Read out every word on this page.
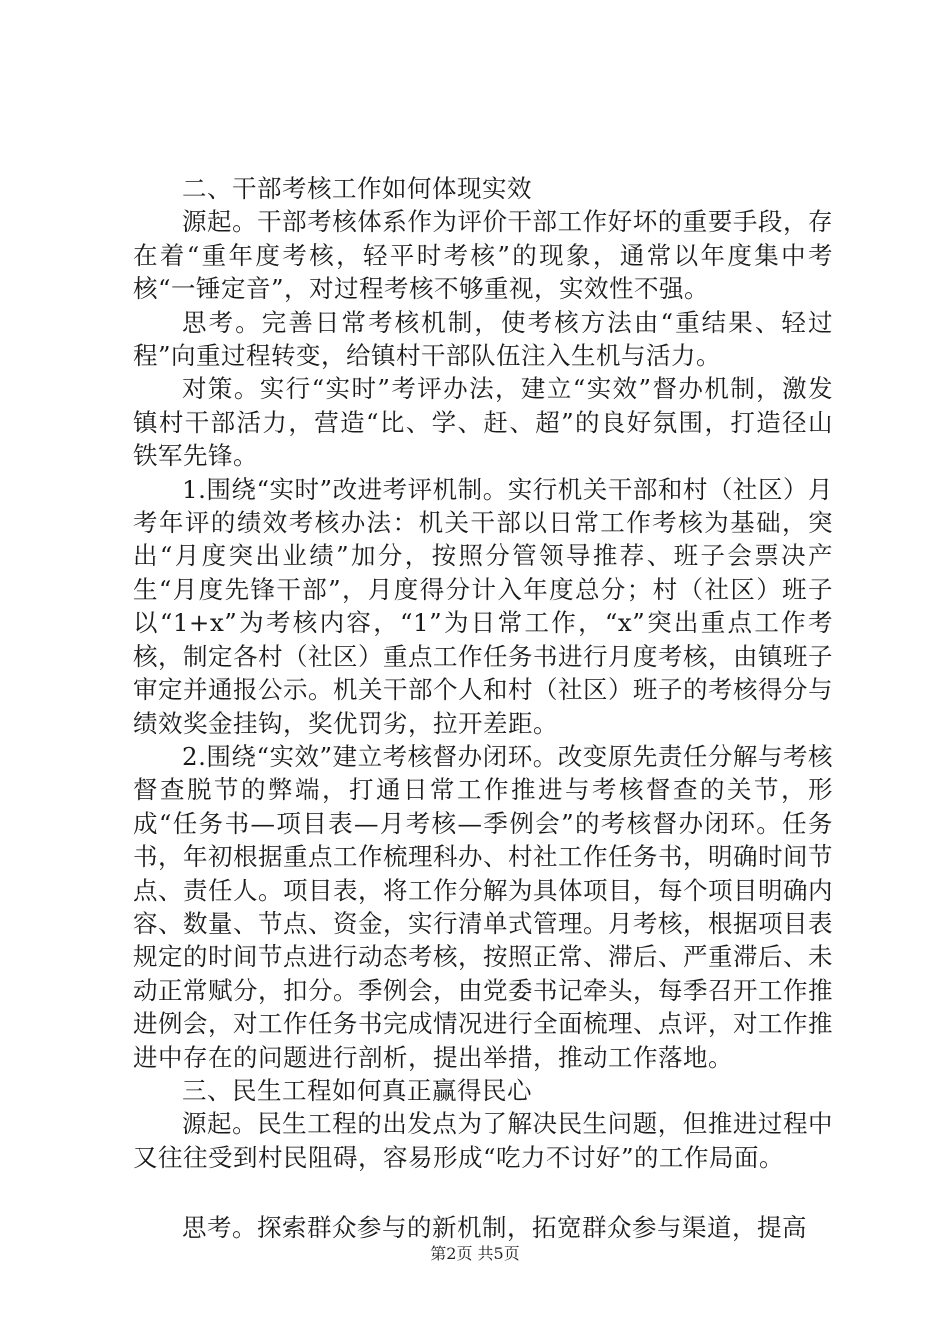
二、干部考核工作如何体现实效

源起。干部考核体系作为评价干部工作好坏的重要手段，存在着“重年度考核，轻平时考核”的现象，通常以年度集中考核“一锤定音”，对过程考核不够重视，实效性不强。

思考。完善日常考核机制，使考核方法由“重结果、轻过程”向重过程转变，给镇村干部队伍注入生机与活力。

对策。实行“实时”考评办法，建立“实效”督办机制，激发镇村干部活力，营造“比、学、赶、超”的良好氛围，打造径山铁军先锋。

1.围绕“实时”改进考评机制。实行机关干部和村（社区）月考年评的绩效考核办法：机关干部以日常工作考核为基础，突出“月度突出业绩”加分，按照分管领导推荐、班子会票决产生“月度先锋干部”，月度得分计入年度总分；村（社区）班子以“1+x”为考核内容，“1”为日常工作，“x”突出重点工作考核，制定各村（社区）重点工作任务书进行月度考核，由镇班子审定并通报公示。机关干部个人和村（社区）班子的考核得分与绩效奖金挂钩，奖优罚劣，拉开差距。

2.围绕“实效”建立考核督办闭环。改变原先责任分解与考核督查脱节的弊端，打通日常工作推进与考核督查的关节，形成“任务书—项目表—月考核—季例会”的考核督办闭环。任务书，年初根据重点工作梳理科办、村社工作任务书，明确时间节点、责任人。项目表，将工作分解为具体项目，每个项目明确内容、数量、节点、资金，实行清单式管理。月考核，根据项目表规定的时间节点进行动态考核，按照正常、滞后、严重滞后、未动正常赋分，扣分。季例会，由党委书记牵头，每季召开工作推进例会，对工作任务书完成情况进行全面梳理、点评，对工作推进中存在的问题进行剖析，提出举措，推动工作落地。

三、民生工程如何真正赢得民心

源起。民生工程的出发点为了解决民生问题，但推进过程中又往往受到村民阻碍，容易形成“吃力不讨好”的工作局面。

思考。探索群众参与的新机制，拓宽群众参与渠道，提高

第2页 共5页
